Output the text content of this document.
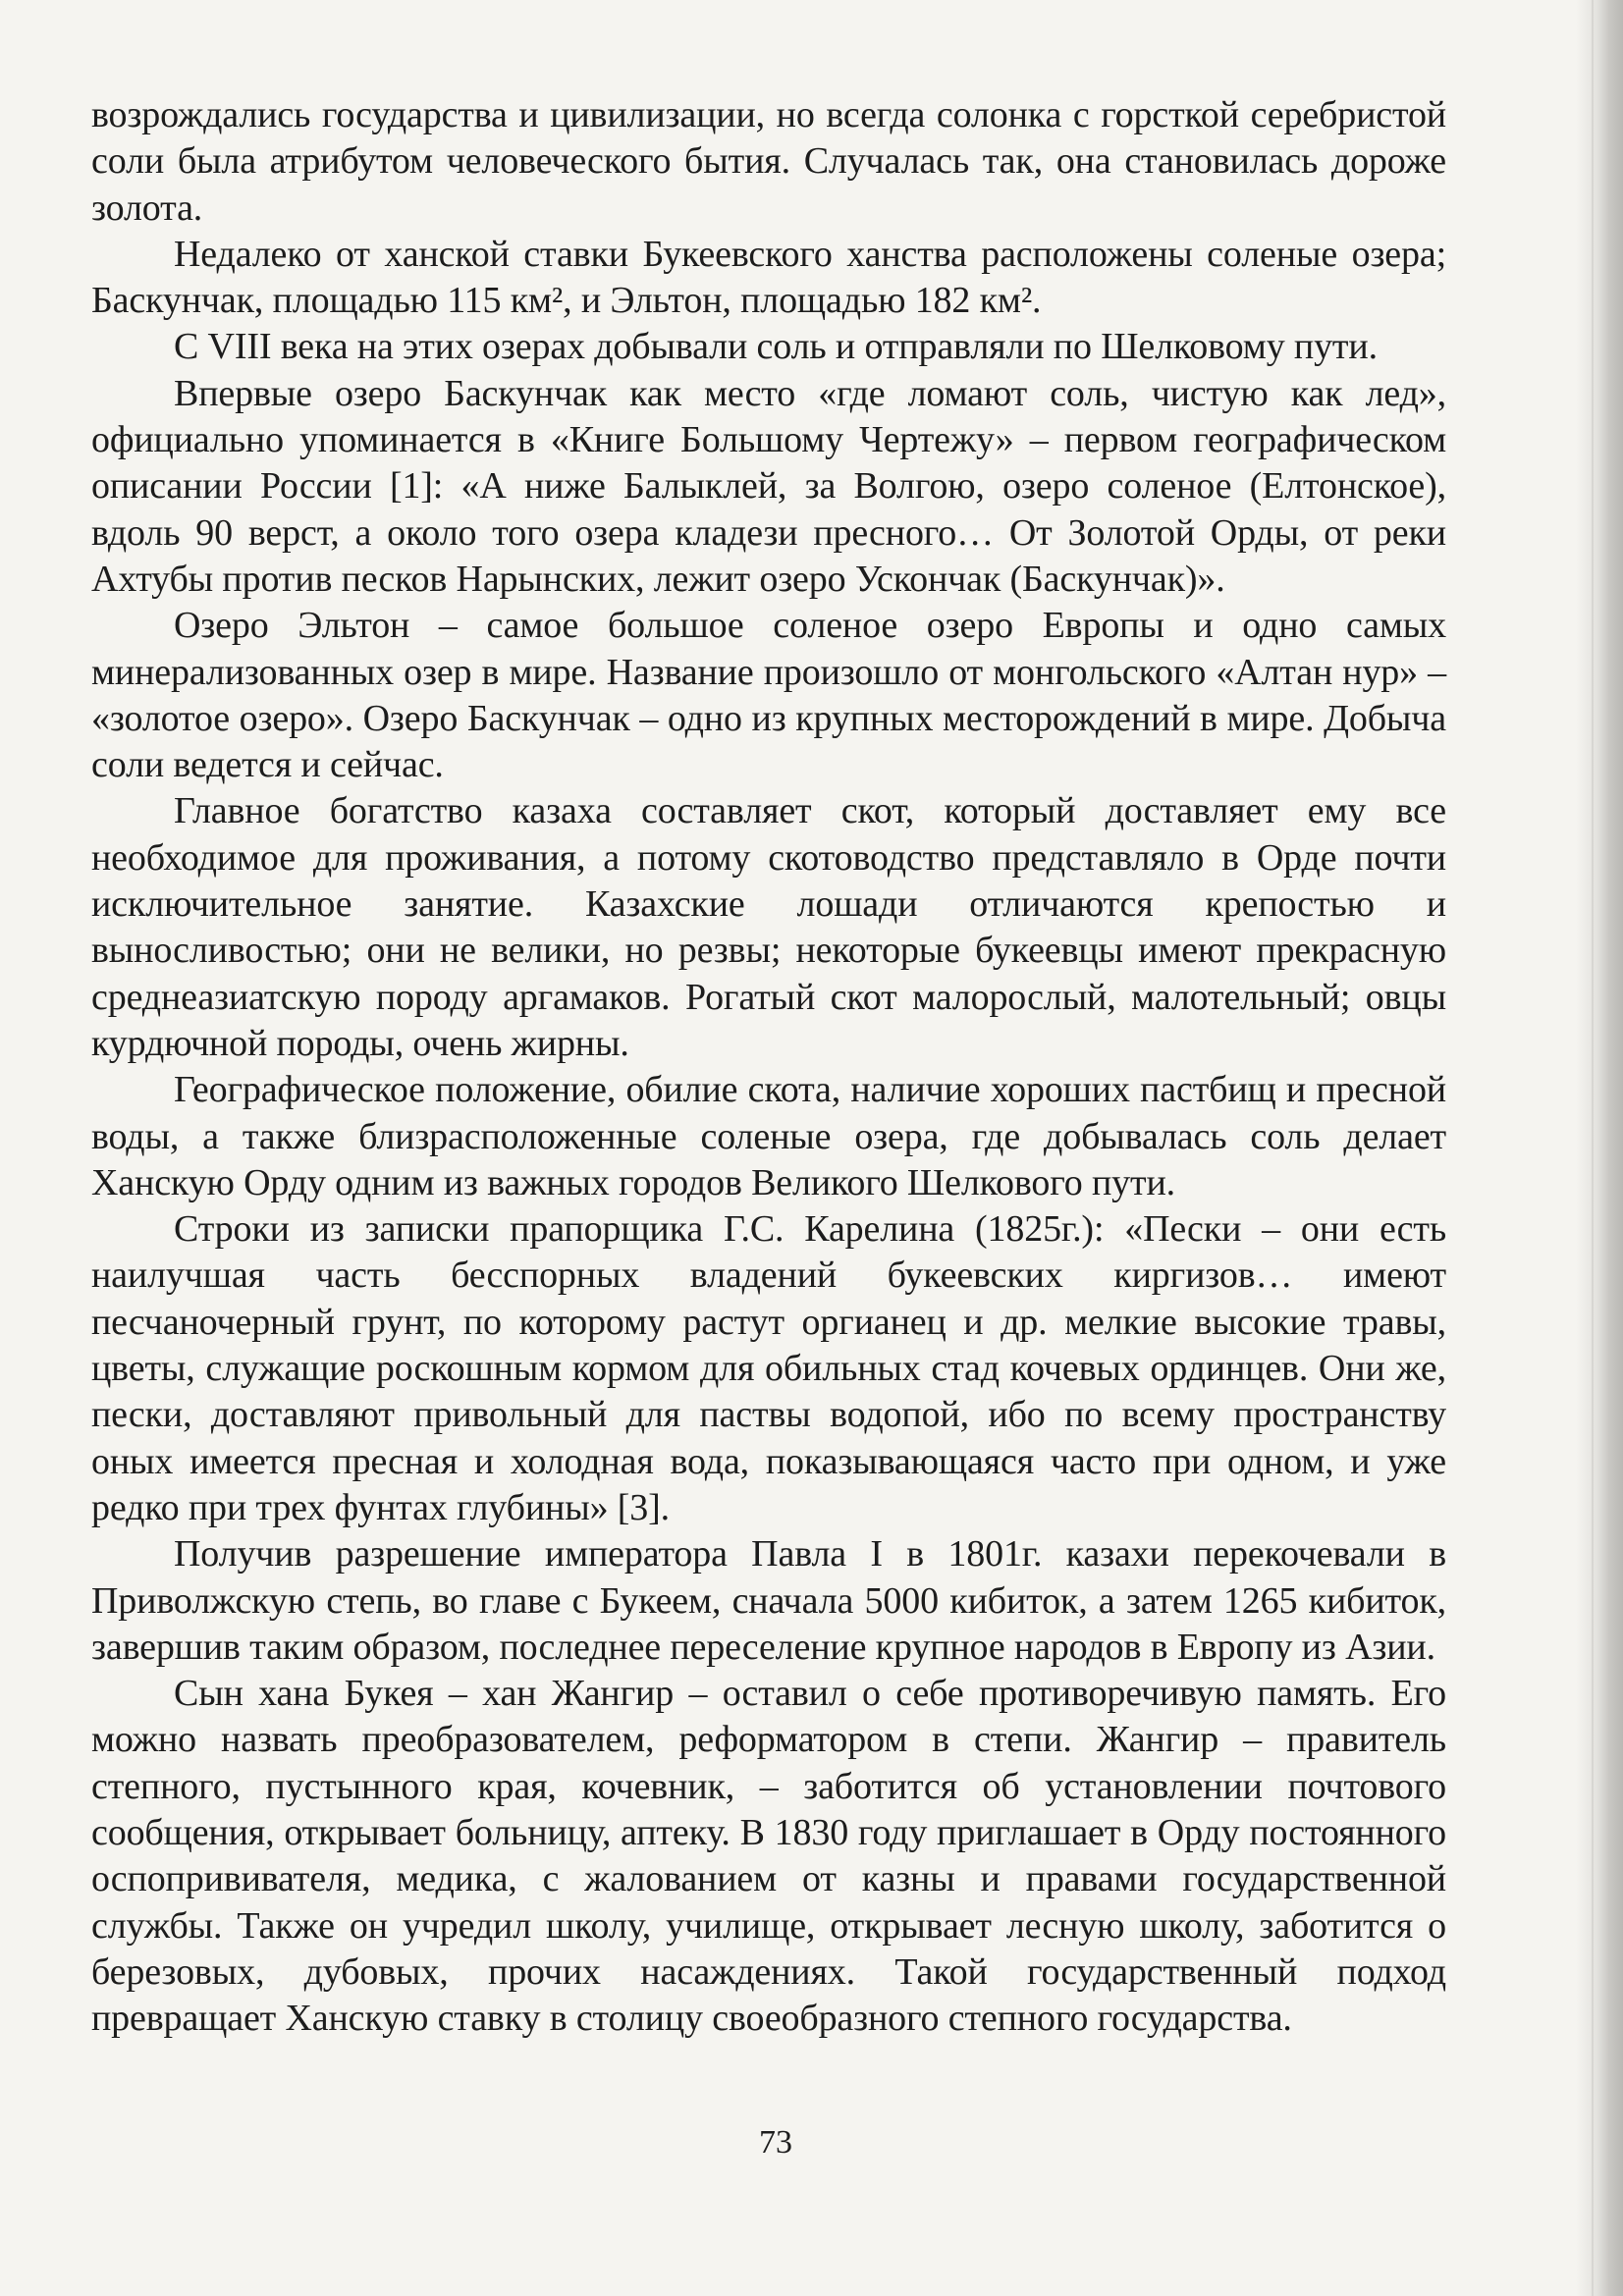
возрождались государства и цивилизации, но всегда солонка с горсткой серебристой соли была атрибутом человеческого бытия. Случалась так, она становилась дороже золота.

Недалеко от ханской ставки Букеевского ханства расположены соленые озера; Баскунчак, площадью 115 км², и Эльтон, площадью 182 км².

С VIII века на этих озерах добывали соль и отправляли по Шелковому пути.

Впервые озеро Баскунчак как место «где ломают соль, чистую как лед», официально упоминается в «Книге Большому Чертежу» – первом географическом описании России [1]: «А ниже Балыклей, за Волгою, озеро соленое (Елтонское), вдоль 90 верст, а около того озера кладези пресного… От Золотой Орды, от реки Ахтубы против песков Нарынских, лежит озеро Ускончак (Баскунчак)».

Озеро Эльтон – самое большое соленое озеро Европы и одно самых минерализованных озер в мире. Название произошло от монгольского «Алтан нур» – «золотое озеро». Озеро Баскунчак – одно из крупных месторождений в мире. Добыча соли ведется и сейчас.

Главное богатство казаха составляет скот, который доставляет ему все необходимое для проживания, а потому скотоводство представляло в Орде почти исключительное занятие. Казахские лошади отличаются крепостью и выносливостью; они не велики, но резвы; некоторые букеевцы имеют прекрасную среднеазиатскую породу аргамаков. Рогатый скот малорослый, малотельный; овцы курдючной породы, очень жирны.

Географическое положение, обилие скота, наличие хороших пастбищ и пресной воды, а также близрасположенные соленые озера, где добывалась соль делает Ханскую Орду одним из важных городов Великого Шелкового пути.

Строки из записки прапорщика Г.С. Карелина (1825г.): «Пески – они есть наилучшая часть бесспорных владений букеевских киргизов… имеют песчаночерный грунт, по которому растут оргианец и др. мелкие высокие травы, цветы, служащие роскошным кормом для обильных стад кочевых ординцев. Они же, пески, доставляют привольный для паствы водопой, ибо по всему пространству оных имеется пресная и холодная вода, показывающаяся часто при одном, и уже редко при трех фунтах глубины» [3].

Получив разрешение императора Павла I в 1801г. казахи перекочевали в Приволжскую степь, во главе с Букеем, сначала 5000 кибиток, а затем 1265 кибиток, завершив таким образом, последнее переселение крупное народов в Европу из Азии.

Сын хана Букея – хан Жангир – оставил о себе противоречивую память. Его можно назвать преобразователем, реформатором в степи. Жангир – правитель степного, пустынного края, кочевник, – заботится об установлении почтового сообщения, открывает больницу, аптеку. В 1830 году приглашает в Орду постоянного оспопрививателя, медика, с жалованием от казны и правами государственной службы. Также он учредил школу, училище, открывает лесную школу, заботится о березовых, дубовых, прочих насаждениях. Такой государственный подход превращает Ханскую ставку в столицу своеобразного степного государства.

73
